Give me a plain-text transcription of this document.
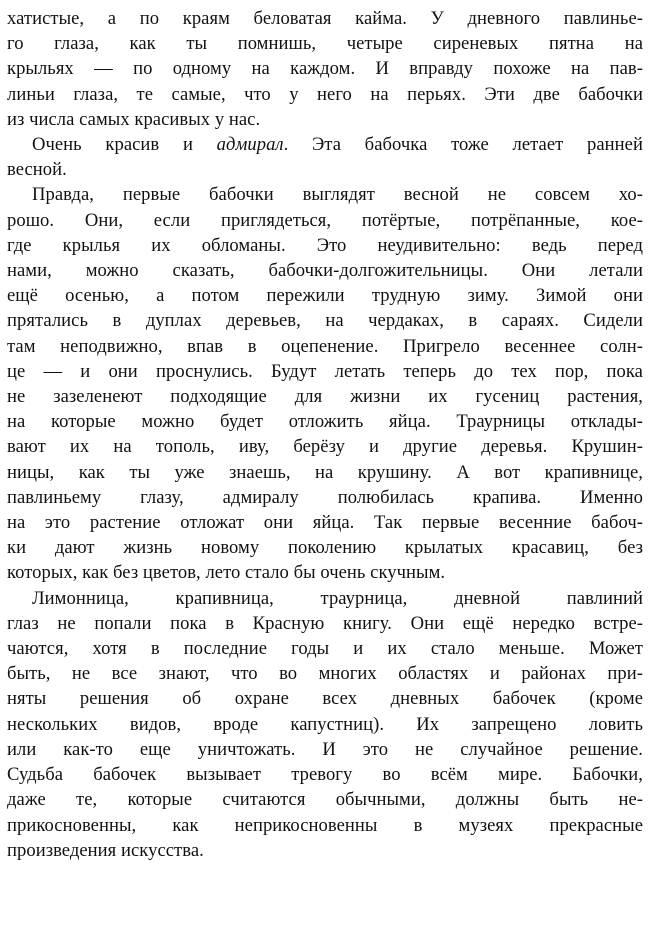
хатистые, а по краям беловатая кайма. У дневного павлинье-
го глаза, как ты помнишь, четыре сиреневых пятна на
крыльях — по одному на каждом. И вправду похоже на пав-
линьи глаза, те самые, что у него на перьях. Эти две бабочки
из числа самых красивых у нас.

Очень красив и адмирал. Эта бабочка тоже летает ранней
весной.

Правда, первые бабочки выглядят весной не совсем хо-
рошо. Они, если приглядеться, потёртые, потрёпанные, кое-
где крылья их обломаны. Это неудивительно: ведь перед
нами, можно сказать, бабочки-долгожительницы. Они летали
ещё осенью, а потом пережили трудную зиму. Зимой они
прятались в дуплах деревьев, на чердаках, в сараях. Сидели
там неподвижно, впав в оцепенение. Пригрело весеннее солн-
це — и они проснулись. Будут летать теперь до тех пор, пока
не зазеленеют подходящие для жизни их гусениц растения,
на которые можно будет отложить яйца. Траурницы отклады-
вают их на тополь, иву, берёзу и другие деревья. Крушин-
ницы, как ты уже знаешь, на крушину. А вот крапивнице,
павлиньему глазу, адмиралу полюбилась крапива. Именно
на это растение отложат они яйца. Так первые весенние бабоч-
ки дают жизнь новому поколению крылатых красавиц, без
которых, как без цветов, лето стало бы очень скучным.

Лимонница, крапивница, траурница, дневной павлиний
глаз не попали пока в Красную книгу. Они ещё нередко встре-
чаются, хотя в последние годы и их стало меньше. Может
быть, не все знают, что во многих областях и районах при-
няты решения об охране всех дневных бабочек (кроме
нескольких видов, вроде капустниц). Их запрещено ловить
или как-то еще уничтожать. И это не случайное решение.
Судьба бабочек вызывает тревогу во всём мире. Бабочки,
даже те, которые считаются обычными, должны быть не-
прикосновенны, как неприкосновенны в музеях прекрасные
произведения искусства.
